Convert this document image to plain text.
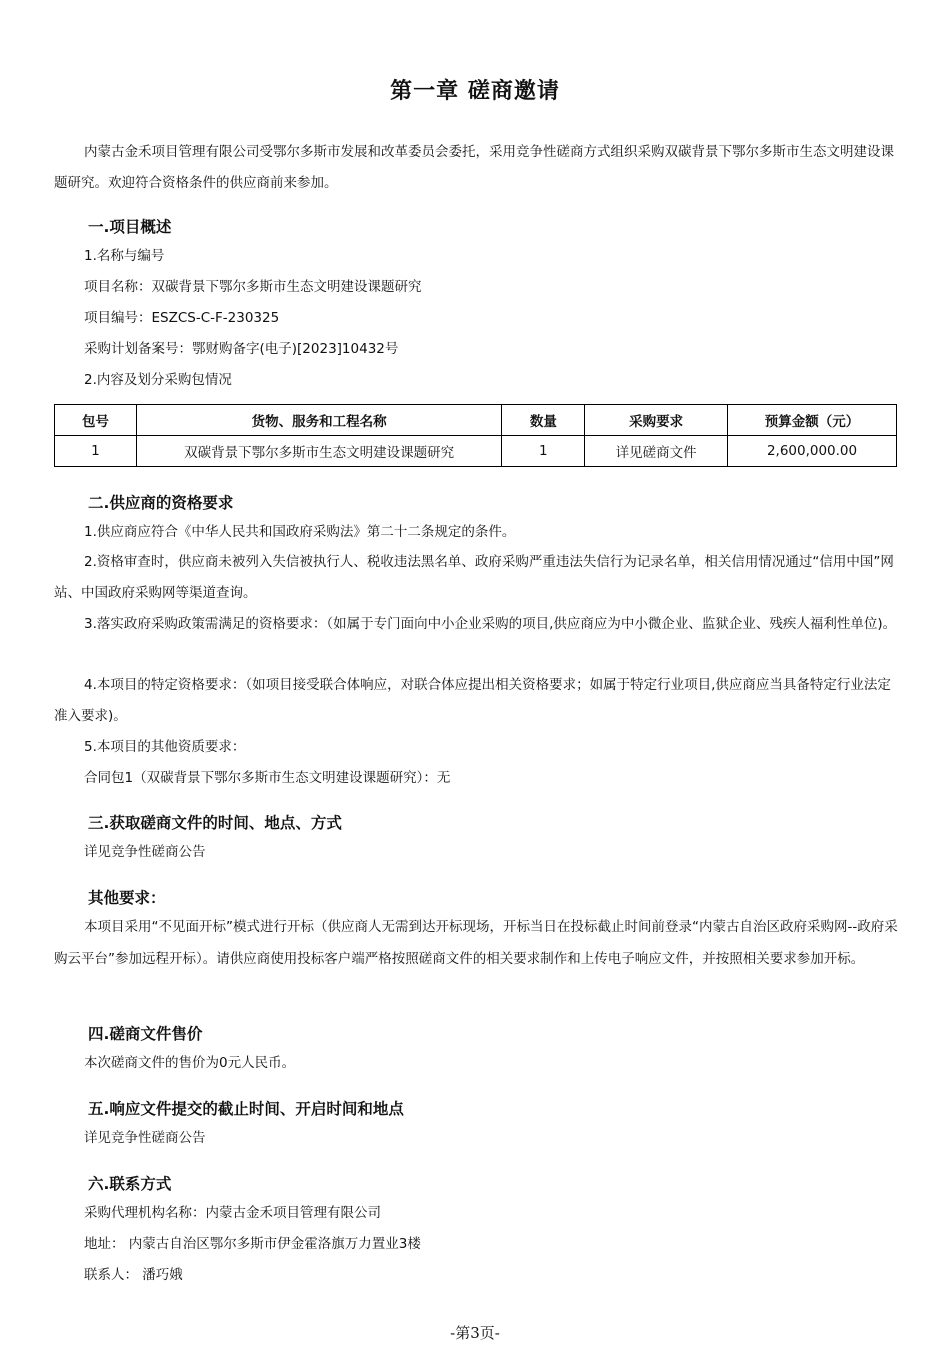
第一章 磋商邀请
内蒙古金禾项目管理有限公司受鄂尔多斯市发展和改革委员会委托，采用竞争性磋商方式组织采购双碳背景下鄂尔多斯市生态文明建设课题研究。欢迎符合资格条件的供应商前来参加。
一.项目概述
1.名称与编号
项目名称：双碳背景下鄂尔多斯市生态文明建设课题研究
项目编号：ESZCS-C-F-230325
采购计划备案号：鄂财购备字(电子)[2023]10432号
2.内容及划分采购包情况
包号	货物、服务和工程名称	数量	采购要求	预算金额（元）
1	双碳背景下鄂尔多斯市生态文明建设课题研究	1	详见磋商文件	2,600,000.00
二.供应商的资格要求
1.供应商应符合《中华人民共和国政府采购法》第二十二条规定的条件。
2.资格审查时，供应商未被列入失信被执行人、税收违法黑名单、政府采购严重违法失信行为记录名单，相关信用情况通过“信用中国”网站、中国政府采购网等渠道查询。
3.落实政府采购政策需满足的资格要求：（如属于专门面向中小企业采购的项目,供应商应为中小微企业、监狱企业、残疾人福利性单位)。
4.本项目的特定资格要求：（如项目接受联合体响应，对联合体应提出相关资格要求；如属于特定行业项目,供应商应当具备特定行业法定准入要求)。
5.本项目的其他资质要求：
合同包1（双碳背景下鄂尔多斯市生态文明建设课题研究）：无
三.获取磋商文件的时间、地点、方式
详见竞争性磋商公告
其他要求：
本项目采用“不见面开标”模式进行开标（供应商人无需到达开标现场，开标当日在投标截止时间前登录“内蒙古自治区政府采购网--政府采购云平台”参加远程开标）。请供应商使用投标客户端严格按照磋商文件的相关要求制作和上传电子响应文件，并按照相关要求参加开标。
四.磋商文件售价
本次磋商文件的售价为0元人民币。
五.响应文件提交的截止时间、开启时间和地点
详见竞争性磋商公告
六.联系方式
采购代理机构名称：内蒙古金禾项目管理有限公司
地址： 内蒙古自治区鄂尔多斯市伊金霍洛旗万力置业3楼
联系人： 潘巧娥
-第3页-
